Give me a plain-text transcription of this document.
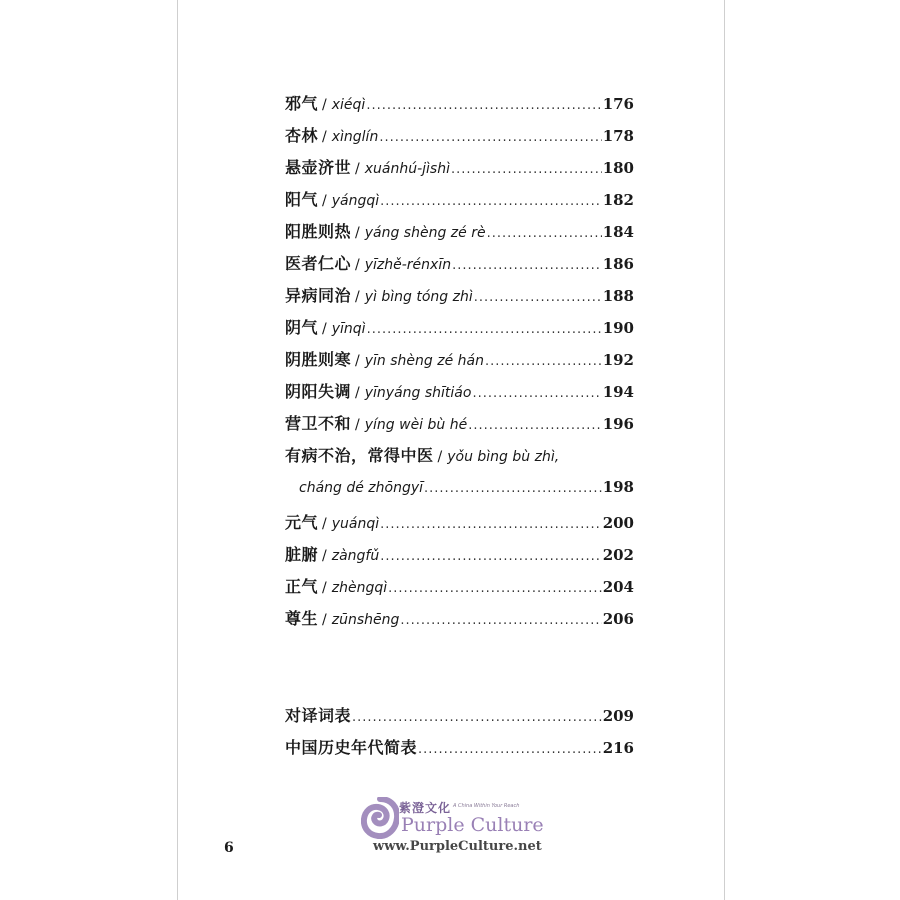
邪气 / xiéqì .....	176
杏林 / xìnglín .....	178
悬壶济世 / xuánhú-jìshì .....	180
阳气 / yángqì .....	182
阳胜则热 / yáng shèng zé rè .....	184
医者仁心 / yīzhě-rénxīn .....	186
异病同治 / yì bìng tóng zhì .....	188
阴气 / yīnqì .....	190
阴胜则寒 / yīn shèng zé hán .....	192
阴阳失调 / yīnyáng shītiáo .....	194
营卫不和 / yíng wèi bù hé .....	196
有病不治，常得中医 / yǒu bìng bù zhì,
cháng dé zhōngyī .....	198
元气 / yuánqì .....	200
脏腑 / zàngfǔ .....	202
正气 / zhèngqì .....	204
尊生 / zūnshēng .....	206
对译词表 .....	209
中国历史年代简表 .....	216
6
紫澄文化 A China Within Your Reach
Purple Culture
www.PurpleCulture.net
